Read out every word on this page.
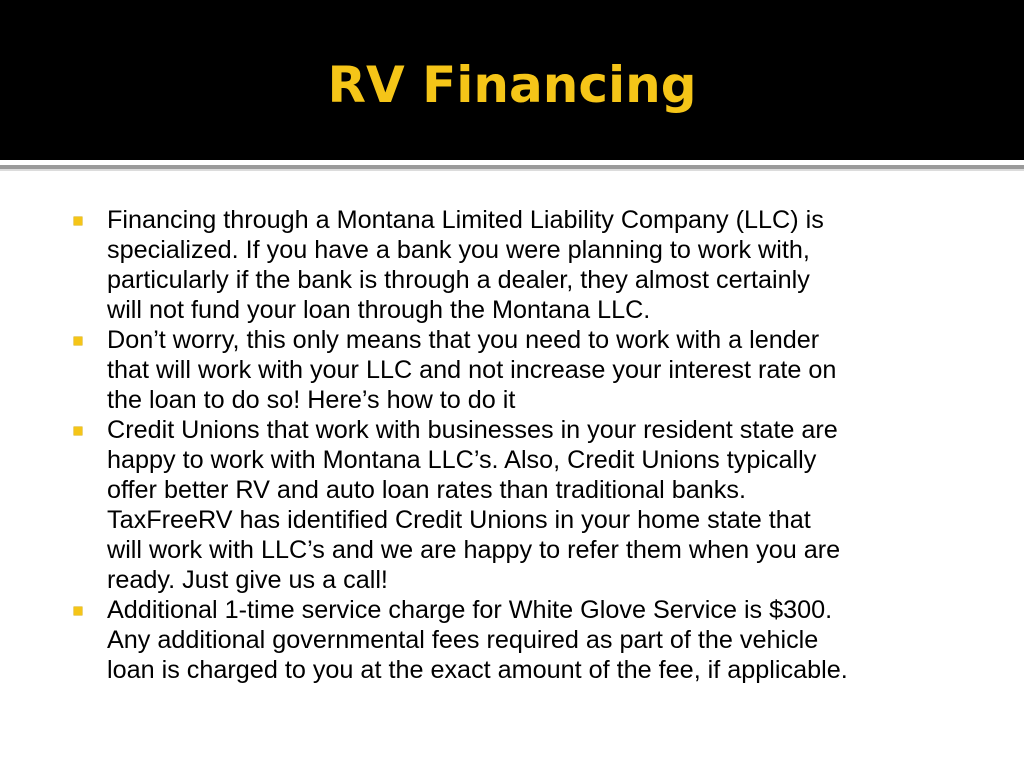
RV Financing
Financing through a Montana Limited Liability Company (LLC) is
specialized. If you have a bank you were planning to work with,
particularly if the bank is through a dealer, they almost certainly
will not fund your loan through the Montana LLC.
Don’t worry, this only means that you need to work with a lender
that will work with your LLC and not increase your interest rate on
the loan to do so! Here’s how to do it
Credit Unions that work with businesses in your resident state are
happy to work with Montana LLC’s. Also, Credit Unions typically
offer better RV and auto loan rates than traditional banks.
TaxFreeRV has identified Credit Unions in your home state that
will work with LLC’s and we are happy to refer them when you are
ready. Just give us a call!
Additional 1-time service charge for White Glove Service is $300.
Any additional governmental fees required as part of the vehicle
loan is charged to you at the exact amount of the fee, if applicable.
